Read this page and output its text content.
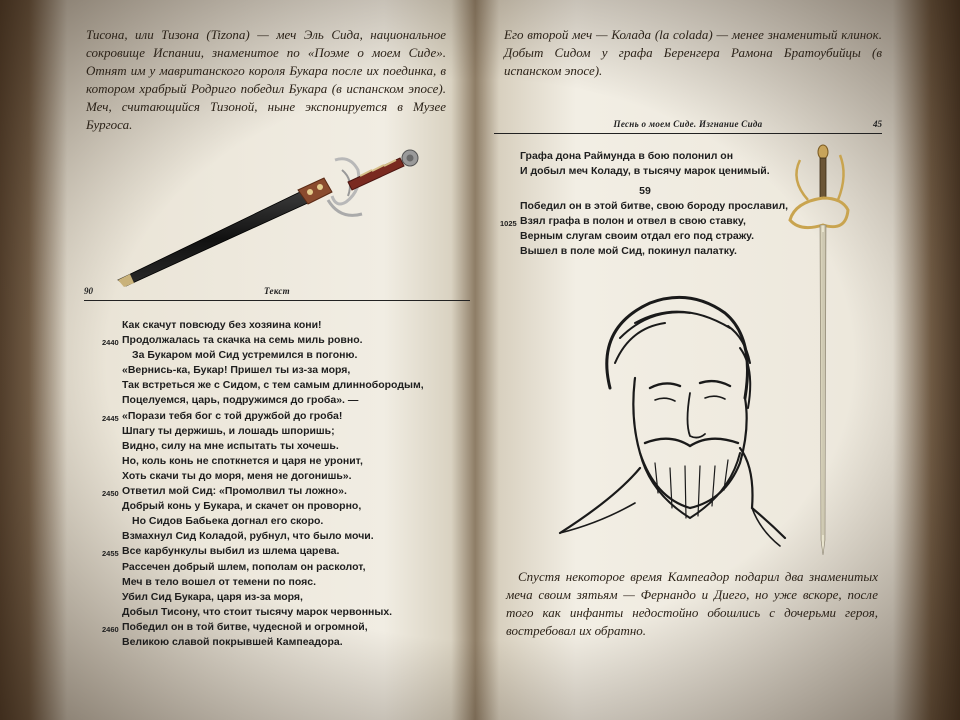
Тисона, или Тизона (Tizona) — меч Эль Сида, национальное сокровище Испании, знаменитое по «Поэме о моем Сиде». Отнят им у мавританского короля Букара после их поединка, в котором храбрый Родриго победил Букара (в испанском эпосе). Меч, считающийся Тизоной, ныне экспонируется в Музее Бургоса.
90	Текст
Как скачут повсюду без хозяина кони!
2440 Продолжалась та скачка на семь миль ровно.
За Букаром мой Сид устремился в погоню.
«Вернись-ка, Букар! Пришел ты из-за моря,
Так встреться же с Сидом, с тем самым длиннобородым,
Поцелуемся, царь, подружимся до гроба». —
2445 «Порази тебя бог с той дружбой до гроба!
Шпагу ты держишь, и лошадь шпоришь;
Видно, силу на мне испытать ты хочешь.
Но, коль конь не споткнется и царя не уронит,
Хоть скачи ты до моря, меня не догонишь».
2450 Ответил мой Сид: «Промолвил ты ложно».
Добрый конь у Букара, и скачет он проворно,
Но Сидов Бабьека догнал его скоро.
Взмахнул Сид Коладой, рубнул, что было мочи.
2455 Все карбункулы выбил из шлема царева.
Рассечен добрый шлем, пополам он расколот,
Меч в тело вошел от темени по пояс.
Убил Сид Букара, царя из-за моря,
Добыл Тисону, что стоит тысячу марок червонных.
2460 Победил он в той битве, чудесной и огромной,
Великою славой покрывшей Кампеадора.
Его второй меч — Колада (la colada) — менее знаменитый клинок. Добыт Сидом у графа Беренгера Рамона Братоубийцы (в испанском эпосе).
Песнь о моем Сиде. Изгнание Сида	45
Графа дона Раймунда в бою полонил он
И добыл меч Коладу, в тысячу марок ценимый.
59
Победил он в этой битве, свою бороду прославил,
1025 Взял графа в полон и отвел в свою ставку,
Верным слугам своим отдал его под стражу.
Вышел в поле мой Сид, покинул палатку.
Спустя некоторое время Кампеадор подарил два знаменитых меча своим зятьям — Фернандо и Диего, но уже вскоре, после того как инфанты недостойно обошлись с дочерьми героя, востребовал их обратно.
